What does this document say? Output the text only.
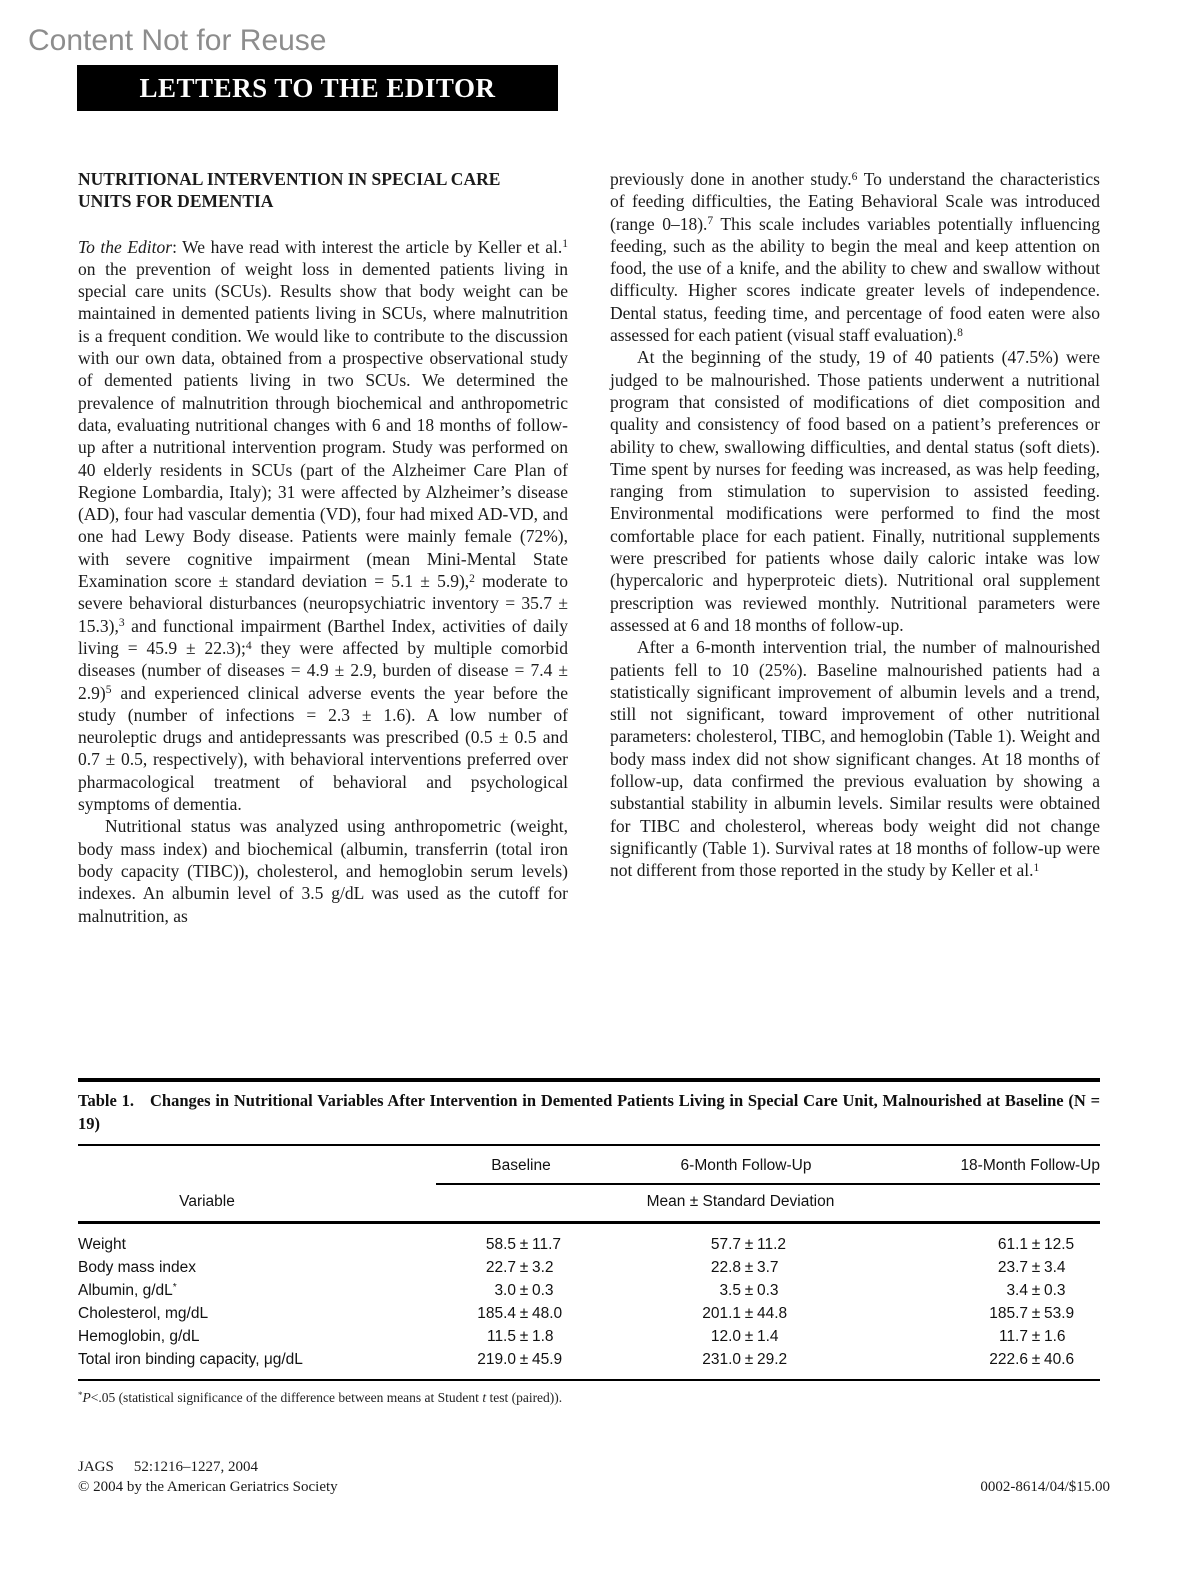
Content Not for Reuse
LETTERS TO THE EDITOR
NUTRITIONAL INTERVENTION IN SPECIAL CARE
UNITS FOR DEMENTIA

To the Editor: We have read with interest the article by Keller et al.$^1$ on the prevention of weight loss in demented patients living in special care units (SCUs). Results show that body weight can be maintained in demented patients living in SCUs, where malnutrition is a frequent condition. We would like to contribute to the discussion with our own data, obtained from a prospective observational study of demented patients living in two SCUs. We determined the prevalence of malnutrition through biochemical and anthropometric data, evaluating nutritional changes with 6 and 18 months of follow-up after a nutritional intervention program. Study was performed on 40 elderly residents in SCUs (part of the Alzheimer Care Plan of Regione Lombardia, Italy); 31 were affected by Alzheimer’s disease (AD), four had vascular dementia (VD), four had mixed AD-VD, and one had Lewy Body disease. Patients were mainly female (72%), with severe cognitive impairment (mean Mini-Mental State Examination score ± standard deviation = 5.1 ± 5.9),$^2$ moderate to severe behavioral disturbances (neuropsychiatric inventory = 35.7 ± 15.3),$^3$ and functional impairment (Barthel Index, activities of daily living = 45.9 ± 22.3);$^4$ they were affected by multiple comorbid diseases (number of diseases = 4.9 ± 2.9, burden of disease = 7.4 ± 2.9)$^5$ and experienced clinical adverse events the year before the study (number of infections = 2.3 ± 1.6). A low number of neuroleptic drugs and antidepressants was prescribed (0.5 ± 0.5 and 0.7 ± 0.5, respectively), with behavioral interventions preferred over pharmacological treatment of behavioral and psychological symptoms of dementia.

Nutritional status was analyzed using anthropometric (weight, body mass index) and biochemical (albumin, transferrin (total iron body capacity (TIBC)), cholesterol, and hemoglobin serum levels) indexes. An albumin level of 3.5 g/dL was used as the cutoff for malnutrition, as

previously done in another study.$^6$ To understand the characteristics of feeding difficulties, the Eating Behavioral Scale was introduced (range 0–18).$^7$ This scale includes variables potentially influencing feeding, such as the ability to begin the meal and keep attention on food, the use of a knife, and the ability to chew and swallow without difficulty. Higher scores indicate greater levels of independence. Dental status, feeding time, and percentage of food eaten were also assessed for each patient (visual staff evaluation).$^8$

At the beginning of the study, 19 of 40 patients (47.5%) were judged to be malnourished. Those patients underwent a nutritional program that consisted of modifications of diet composition and quality and consistency of food based on a patient’s preferences or ability to chew, swallowing difficulties, and dental status (soft diets). Time spent by nurses for feeding was increased, as was help feeding, ranging from stimulation to supervision to assisted feeding. Environmental modifications were performed to find the most comfortable place for each patient. Finally, nutritional supplements were prescribed for patients whose daily caloric intake was low (hypercaloric and hyperproteic diets). Nutritional oral supplement prescription was reviewed monthly. Nutritional parameters were assessed at 6 and 18 months of follow-up.

After a 6-month intervention trial, the number of malnourished patients fell to 10 (25%). Baseline malnourished patients had a statistically significant improvement of albumin levels and a trend, still not significant, toward improvement of other nutritional parameters: cholesterol, TIBC, and hemoglobin (Table 1). Weight and body mass index did not show significant changes. At 18 months of follow-up, data confirmed the previous evaluation by showing a substantial stability in albumin levels. Similar results were obtained for TIBC and cholesterol, whereas body weight did not change significantly (Table 1). Survival rates at 18 months of follow-up were not different from those reported in the study by Keller et al.$^1$

Table 1. Changes in Nutritional Variables After Intervention in Demented Patients Living in Special Care Unit, Malnourished at Baseline (N = 19)
Baseline	6-Month Follow-Up	18-Month Follow-Up
Variable	Mean ± Standard Deviation
Weight	58.5 ± 11.7	57.7 ± 11.2	61.1 ± 12.5
Body mass index	22.7 ± 3.2	22.8 ± 3.7	23.7 ± 3.4
Albumin, g/dL*	3.0 ± 0.3	3.5 ± 0.3	3.4 ± 0.3
Cholesterol, mg/dL	185.4 ± 48.0	201.1 ± 44.8	185.7 ± 53.9
Hemoglobin, g/dL	11.5 ± 1.8	12.0 ± 1.4	11.7 ± 1.6
Total iron binding capacity, μg/dL	219.0 ± 45.9	231.0 ± 29.2	222.6 ± 40.6
*P<.05 (statistical significance of the difference between means at Student t test (paired)).
JAGS 52:1216–1227, 2004
© 2004 by the American Geriatrics Society	0002-8614/04/$15.00
